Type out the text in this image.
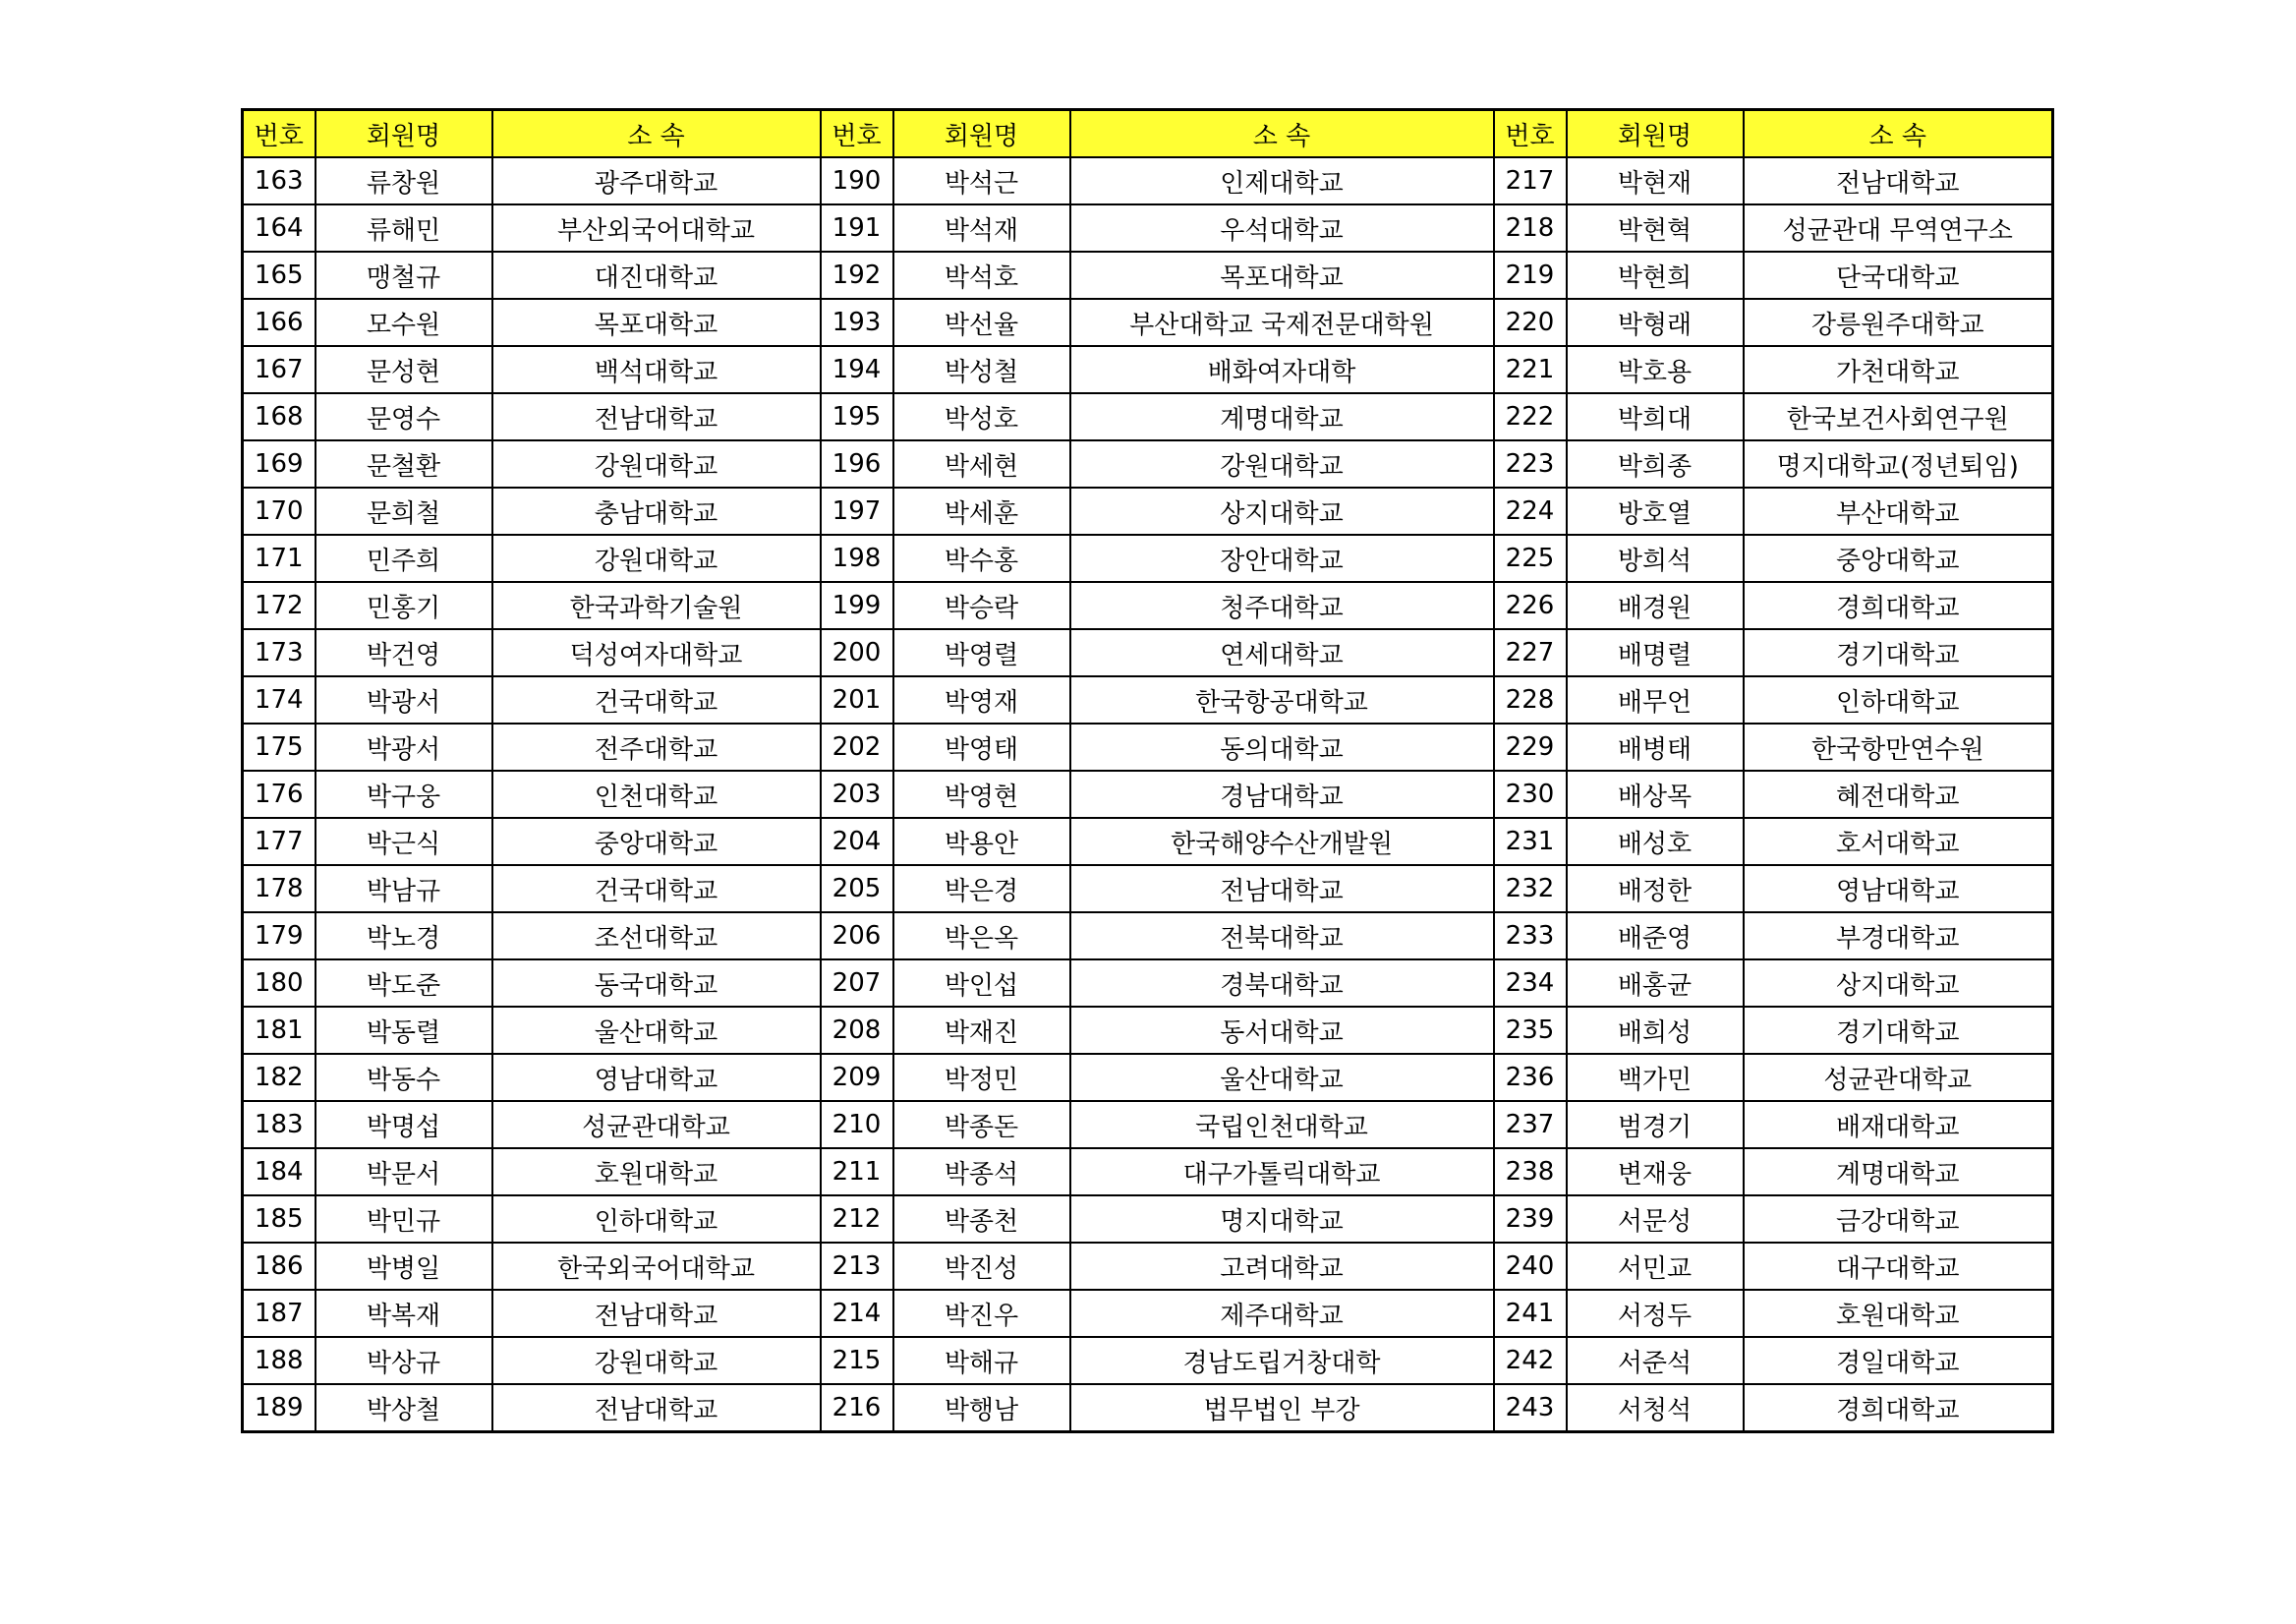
번호	회원명	소 속	번호	회원명	소 속	번호	회원명	소 속
163	류창원	광주대학교	190	박석근	인제대학교	217	박현재	전남대학교
164	류해민	부산외국어대학교	191	박석재	우석대학교	218	박현혁	성균관대 무역연구소
165	맹철규	대진대학교	192	박석호	목포대학교	219	박현희	단국대학교
166	모수원	목포대학교	193	박선율	부산대학교 국제전문대학원	220	박형래	강릉원주대학교
167	문성현	백석대학교	194	박성철	배화여자대학	221	박호용	가천대학교
168	문영수	전남대학교	195	박성호	계명대학교	222	박희대	한국보건사회연구원
169	문철환	강원대학교	196	박세현	강원대학교	223	박희종	명지대학교(정년퇴임)
170	문희철	충남대학교	197	박세훈	상지대학교	224	방호열	부산대학교
171	민주희	강원대학교	198	박수홍	장안대학교	225	방희석	중앙대학교
172	민홍기	한국과학기술원	199	박승락	청주대학교	226	배경원	경희대학교
173	박건영	덕성여자대학교	200	박영렬	연세대학교	227	배명렬	경기대학교
174	박광서	건국대학교	201	박영재	한국항공대학교	228	배무언	인하대학교
175	박광서	전주대학교	202	박영태	동의대학교	229	배병태	한국항만연수원
176	박구웅	인천대학교	203	박영현	경남대학교	230	배상목	혜전대학교
177	박근식	중앙대학교	204	박용안	한국해양수산개발원	231	배성호	호서대학교
178	박남규	건국대학교	205	박은경	전남대학교	232	배정한	영남대학교
179	박노경	조선대학교	206	박은옥	전북대학교	233	배준영	부경대학교
180	박도준	동국대학교	207	박인섭	경북대학교	234	배홍균	상지대학교
181	박동렬	울산대학교	208	박재진	동서대학교	235	배희성	경기대학교
182	박동수	영남대학교	209	박정민	울산대학교	236	백가민	성균관대학교
183	박명섭	성균관대학교	210	박종돈	국립인천대학교	237	범경기	배재대학교
184	박문서	호원대학교	211	박종석	대구가톨릭대학교	238	변재웅	계명대학교
185	박민규	인하대학교	212	박종천	명지대학교	239	서문성	금강대학교
186	박병일	한국외국어대학교	213	박진성	고려대학교	240	서민교	대구대학교
187	박복재	전남대학교	214	박진우	제주대학교	241	서정두	호원대학교
188	박상규	강원대학교	215	박해규	경남도립거창대학	242	서준석	경일대학교
189	박상철	전남대학교	216	박행남	법무법인 부강	243	서청석	경희대학교
